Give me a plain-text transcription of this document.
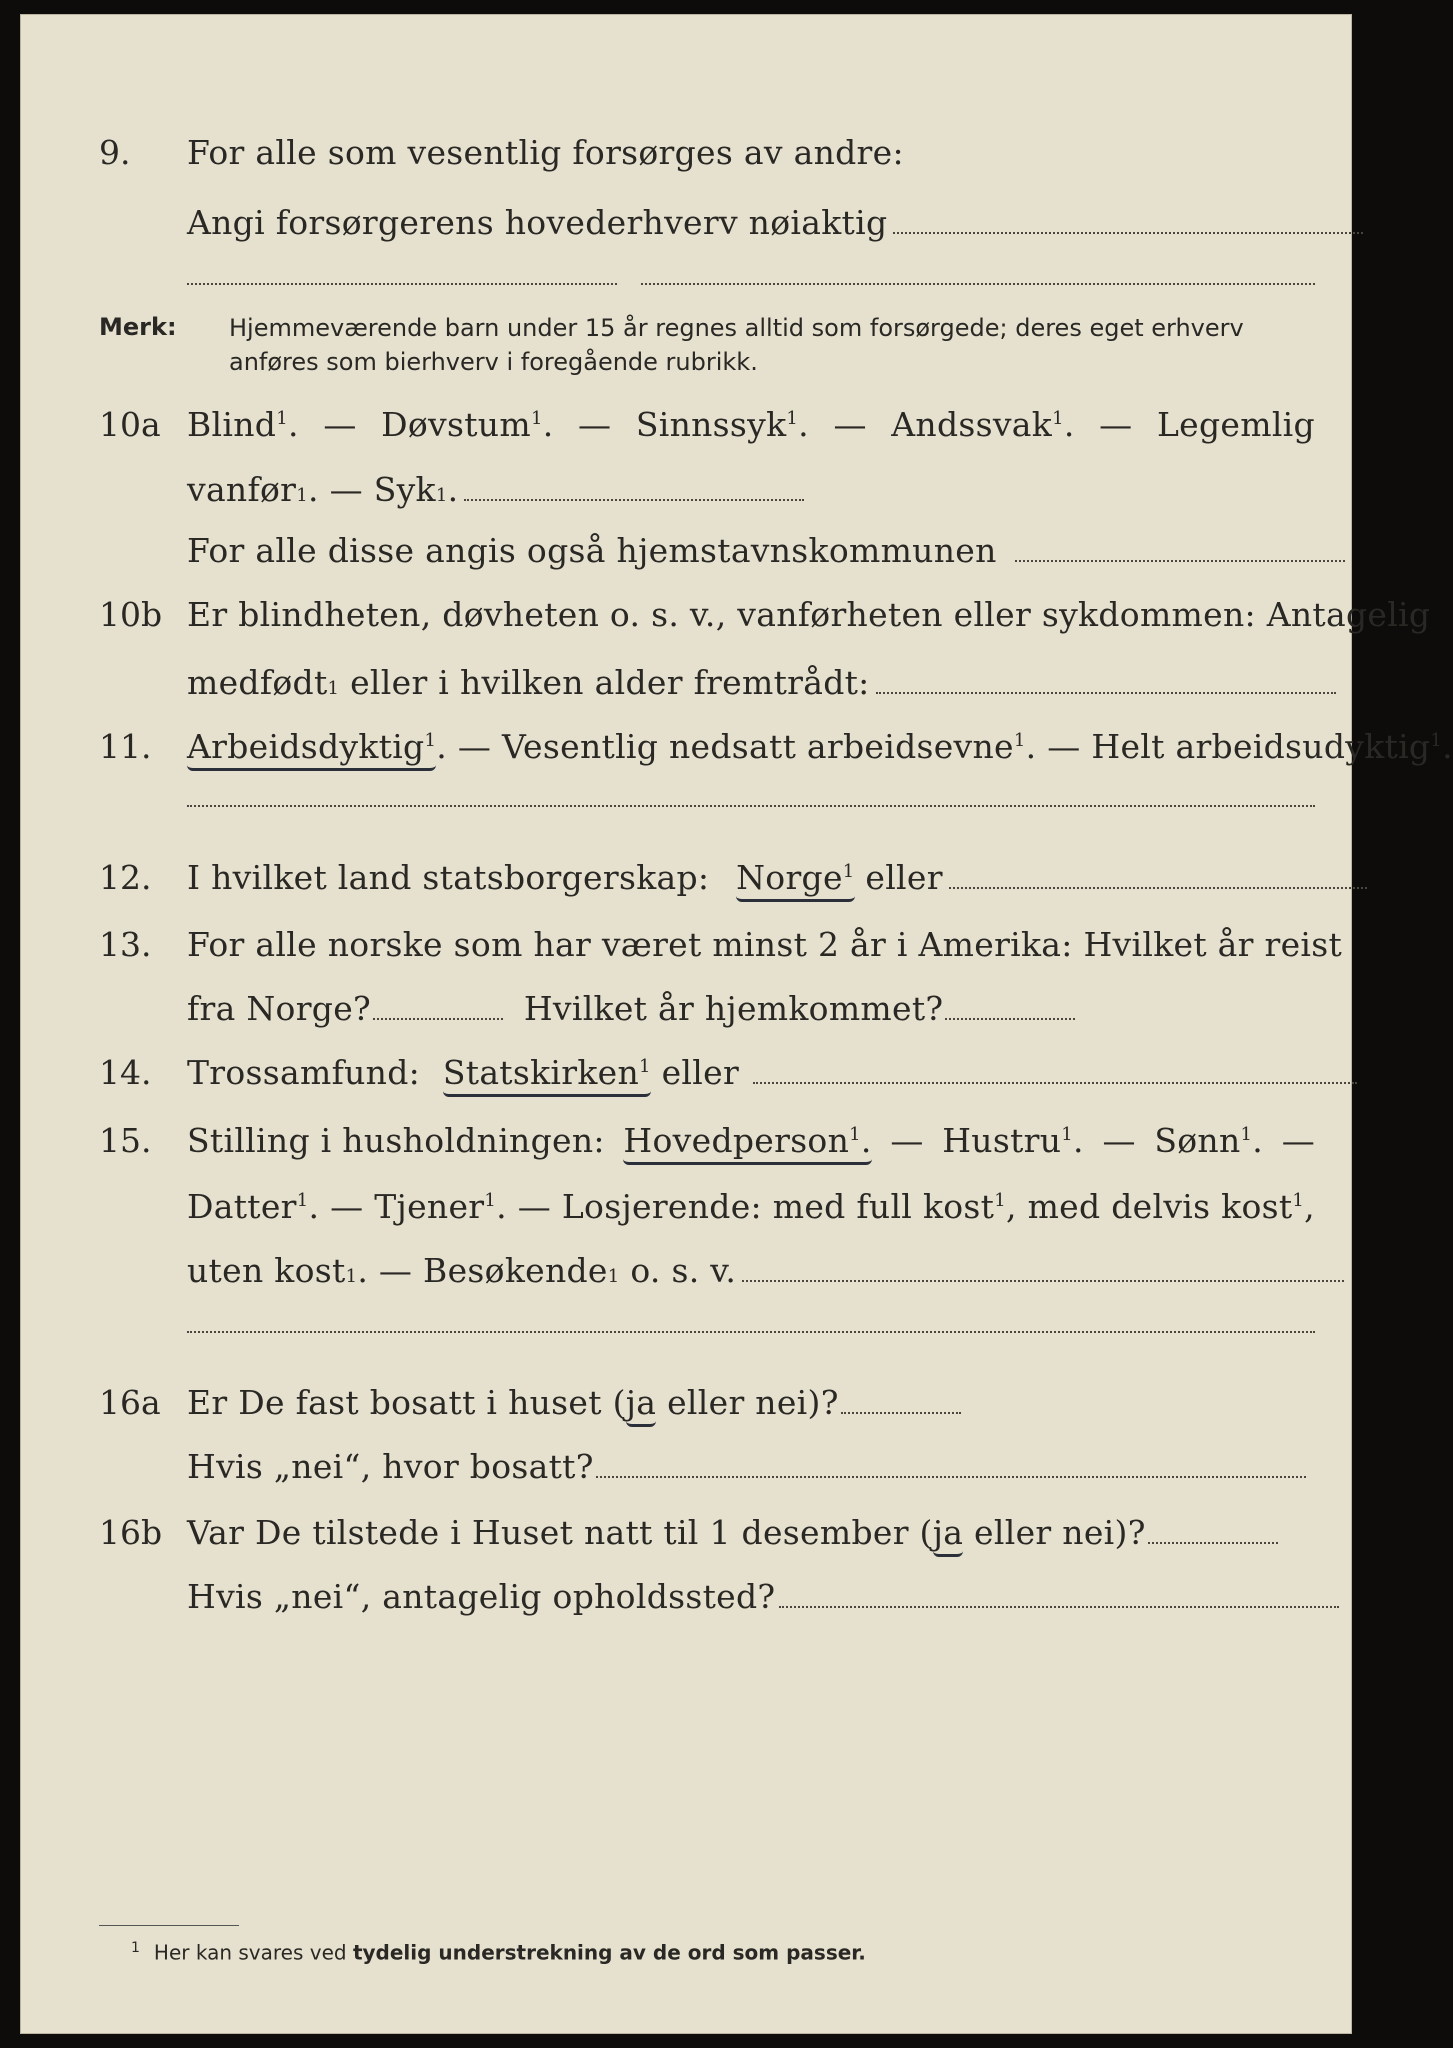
9. For alle som vesentlig forsørges av andre:
Angi forsørgerens hovederhverv nøiaktig
Merk: Hjemmeværende barn under 15 år regnes alltid som forsørgede; deres eget erhverv
anføres som bierhverv i foregående rubrikk.
10a Blind$^1$. — Døvstum$^1$. — Sinnssyk$^1$. — Andssvak$^1$. — Legemlig
vanfør1. — Syk1.
For alle disse angis også hjemstavnskommunen
10b Er blindheten, døvheten o. s. v., vanførheten eller sykdommen: Antagelig
medfødt1 eller i hvilken alder fremtrådt:
11. Arbeidsdyktig$^1$. — Vesentlig nedsatt arbeidsevne$^1$. — Helt arbeidsudyktig$^1$.
12. I hvilket land statsborgerskap: Norge$^1$ eller
13. For alle norske som har været minst 2 år i Amerika: Hvilket år reist
fra Norge?	Hvilket år hjemkommet?
14. Trossamfund: Statskirken$^1$ eller
15. Stilling i husholdningen: Hovedperson$^1$. — Hustru$^1$. — Sønn$^1$. —
Datter$^1$. — Tjener$^1$. — Losjerende: med full kost$^1$, med delvis kost$^1$,
uten kost1. — Besøkende1 o. s. v.
16a Er De fast bosatt i huset (ja eller nei)?
Hvis „nei“, hvor bosatt?
16b Var De tilstede i Huset natt til 1 desember (ja eller nei)?
Hvis „nei“, antagelig opholdssted?
$^1$ Her kan svares ved tydelig understrekning av de ord som passer.
